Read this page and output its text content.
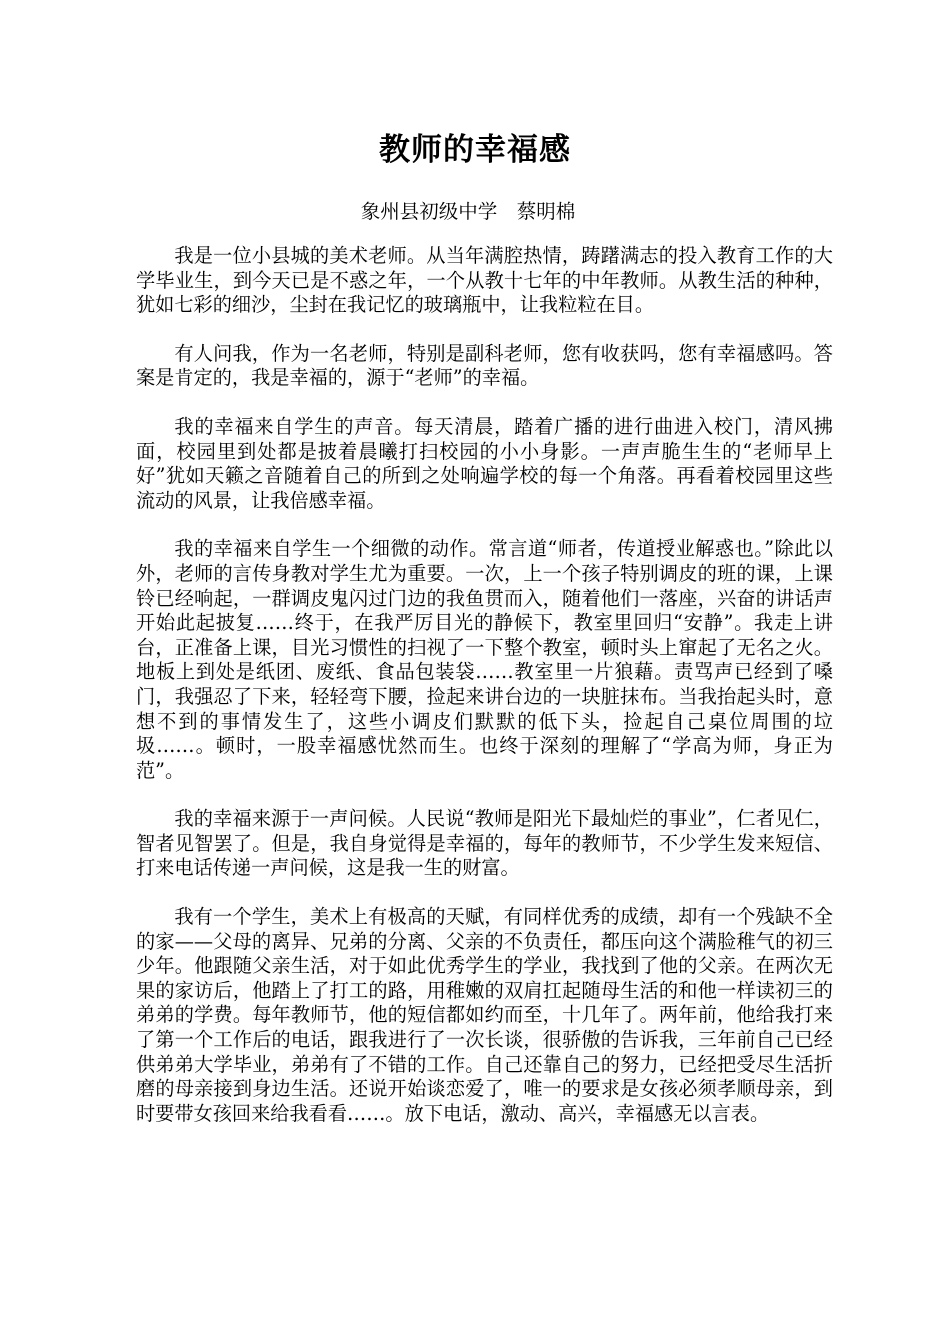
教师的幸福感
象州县初级中学　蔡明棉

我是一位小县城的美术老师。从当年满腔热情，踌躇满志的投入教育工作的大学毕业生，到今天已是不惑之年，一个从教十七年的中年教师。从教生活的种种，犹如七彩的细沙，尘封在我记忆的玻璃瓶中，让我粒粒在目。

有人问我，作为一名老师，特别是副科老师，您有收获吗，您有幸福感吗。答案是肯定的，我是幸福的，源于“老师”的幸福。

我的幸福来自学生的声音。每天清晨，踏着广播的进行曲进入校门，清风拂面，校园里到处都是披着晨曦打扫校园的小小身影。一声声脆生生的“老师早上好”犹如天籁之音随着自己的所到之处响遍学校的每一个角落。再看着校园里这些流动的风景，让我倍感幸福。

我的幸福来自学生一个细微的动作。常言道“师者，传道授业解惑也。”除此以外，老师的言传身教对学生尤为重要。一次，上一个孩子特别调皮的班的课，上课铃已经响起，一群调皮鬼闪过门边的我鱼贯而入，随着他们一落座，兴奋的讲话声开始此起披复……终于，在我严厉目光的静候下，教室里回归“安静”。我走上讲台，正准备上课，目光习惯性的扫视了一下整个教室，顿时头上窜起了无名之火。地板上到处是纸团、废纸、食品包装袋……教室里一片狼藉。责骂声已经到了嗓门，我强忍了下来，轻轻弯下腰，捡起来讲台边的一块脏抹布。当我抬起头时，意想不到的事情发生了，这些小调皮们默默的低下头，捡起自己桌位周围的垃圾……。顿时，一股幸福感忧然而生。也终于深刻的理解了“学高为师，身正为范”。

我的幸福来源于一声问候。人民说“教师是阳光下最灿烂的事业”，仁者见仁，智者见智罢了。但是，我自身觉得是幸福的，每年的教师节，不少学生发来短信、打来电话传递一声问候，这是我一生的财富。

我有一个学生，美术上有极高的天赋，有同样优秀的成绩，却有一个残缺不全的家——父母的离异、兄弟的分离、父亲的不负责任，都压向这个满脸稚气的初三少年。他跟随父亲生活，对于如此优秀学生的学业，我找到了他的父亲。在两次无果的家访后，他踏上了打工的路，用稚嫩的双肩扛起随母生活的和他一样读初三的弟弟的学费。每年教师节，他的短信都如约而至，十几年了。两年前，他给我打来了第一个工作后的电话，跟我进行了一次长谈，很骄傲的告诉我，三年前自己已经供弟弟大学毕业，弟弟有了不错的工作。自己还靠自己的努力，已经把受尽生活折磨的母亲接到身边生活。还说开始谈恋爱了，唯一的要求是女孩必须孝顺母亲，到时要带女孩回来给我看看……。放下电话，激动、高兴，幸福感无以言表。
